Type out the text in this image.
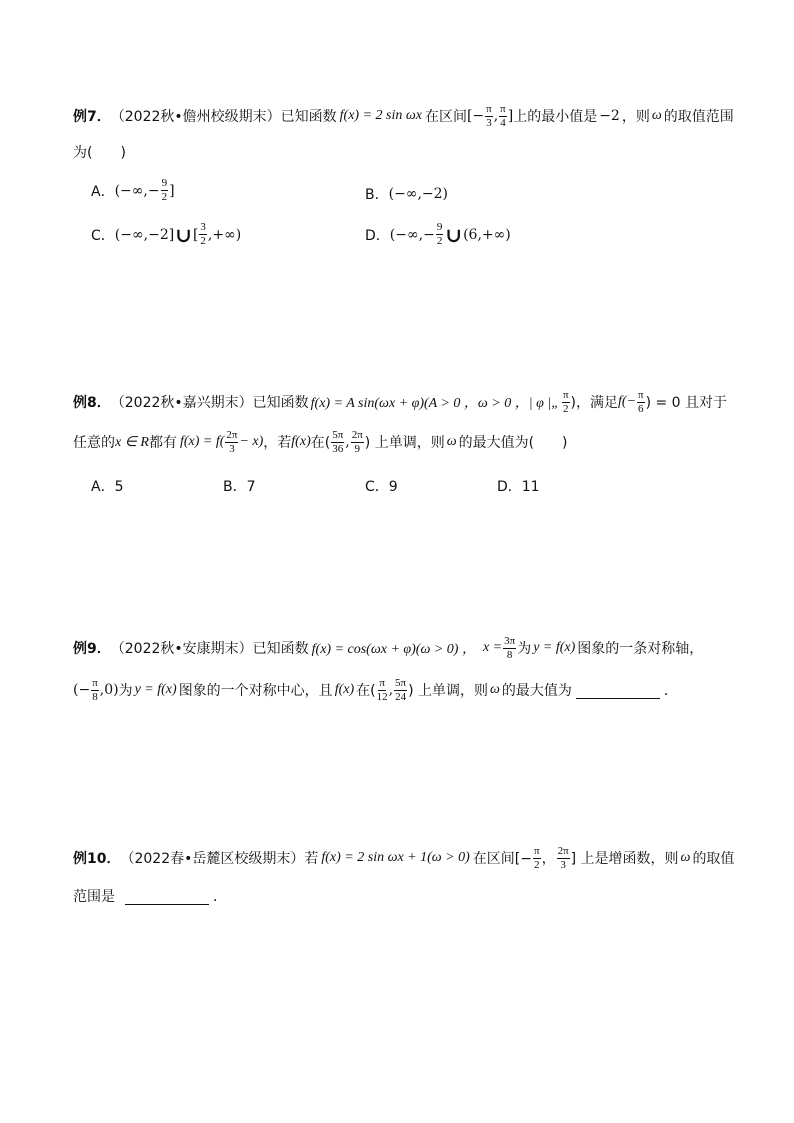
例7． （2022秋•儋州校级期末） 已知函数 f(x) = 2 sin ωx 在区间 [− $\frac{\pi}{3}$ , $\frac{\pi}{4}$ ] 上的最小值是 −2 ，则 ω 的取值范围
为(　　)
A． (−∞,− $\frac{9}{2}$ ]	B． (−∞,−2)
C． (−∞,−2] ∪ [ $\frac{3}{2}$ ,+∞)	D． (−∞,− $\frac{9}{2}$ ∪ (6,+∞)
例8． （2022秋•嘉兴期末） 已知函数 f(x) = A sin(ωx + φ)(A > 0 ，ω > 0 ，| φ |„ $\frac{\pi}{2}$ )，满足 $f(- \frac{\pi}{6}$ ) = 0 且对于
任意的 x ∈ R 都有 $f(x) = f( \frac{2\pi}{3} - x)$ ，若 f(x) 在( $\frac{5\pi}{36}$ , $\frac{2\pi}{9}$ ) 上单调，则 ω 的最大值为(　　)
A．5	B．7	C．9	D．11
例9． （2022秋•安康期末） 已知函数 f(x) = cos(ωx + φ)(ω > 0) ， $x = \frac{3\pi}{8}$ 为 y = f(x) 图象的一条对称轴，
(− $\frac{\pi}{8} ,0$) 为 y = f(x) 图象的一个对称中心，且 f(x) 在( $\frac{\pi}{12}$ , $\frac{5\pi}{24}$ ) 上单调，则 ω 的最大值为	．
例10． （2022春•岳麓区校级期末） 若 f(x) = 2 sin ωx + 1(ω > 0) 在区间[− $\frac{\pi}{2}$ ， $\frac{2\pi}{3}$ ] 上是增函数，则 ω 的取值
范围是	．
